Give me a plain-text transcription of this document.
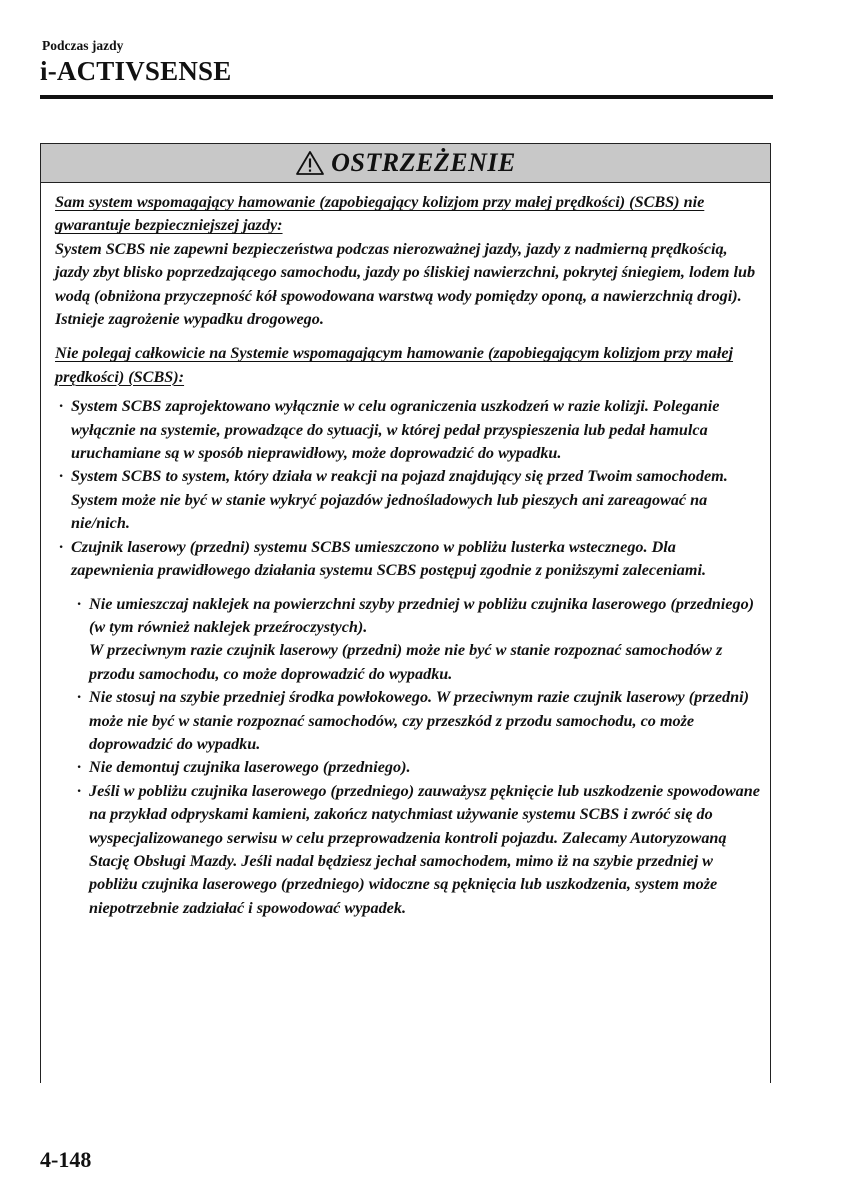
Podczas jazdy
i-ACTIVSENSE
OSTRZEŻENIE

Sam system wspomagający hamowanie (zapobiegający kolizjom przy małej prędkości) (SCBS) nie gwarantuje bezpieczniejszej jazdy:

System SCBS nie zapewni bezpieczeństwa podczas nierozważnej jazdy, jazdy z nadmierną prędkością, jazdy zbyt blisko poprzedzającego samochodu, jazdy po śliskiej nawierzchni, pokrytej śniegiem, lodem lub wodą (obniżona przyczepność kół spowodowana warstwą wody pomiędzy oponą, a nawierzchnią drogi). Istnieje zagrożenie wypadku drogowego.

Nie polegaj całkowicie na Systemie wspomagającym hamowanie (zapobiegającym kolizjom przy małej prędkości) (SCBS):

· System SCBS zaprojektowano wyłącznie w celu ograniczenia uszkodzeń w razie kolizji. Poleganie wyłącznie na systemie, prowadzące do sytuacji, w której pedał przyspieszenia lub pedał hamulca uruchamiane są w sposób nieprawidłowy, może doprowadzić do wypadku.
· System SCBS to system, który działa w reakcji na pojazd znajdujący się przed Twoim samochodem. System może nie być w stanie wykryć pojazdów jednośladowych lub pieszych ani zareagować na nie/nich.
· Czujnik laserowy (przedni) systemu SCBS umieszczono w pobliżu lusterka wstecznego. Dla zapewnienia prawidłowego działania systemu SCBS postępuj zgodnie z poniższymi zaleceniami.
· Nie umieszczaj naklejek na powierzchni szyby przedniej w pobliżu czujnika laserowego (przedniego) (w tym również naklejek przeźroczystych).
W przeciwnym razie czujnik laserowy (przedni) może nie być w stanie rozpoznać samochodów z przodu samochodu, co może doprowadzić do wypadku.
· Nie stosuj na szybie przedniej środka powłokowego. W przeciwnym razie czujnik laserowy (przedni) może nie być w stanie rozpoznać samochodów, czy przeszkód z przodu samochodu, co może doprowadzić do wypadku.
· Nie demontuj czujnika laserowego (przedniego).
· Jeśli w pobliżu czujnika laserowego (przedniego) zauważysz pęknięcie lub uszkodzenie spowodowane na przykład odpryskami kamieni, zakończ natychmiast używanie systemu SCBS i zwróć się do wyspecjalizowanego serwisu w celu przeprowadzenia kontroli pojazdu. Zalecamy Autoryzowaną Stację Obsługi Mazdy. Jeśli nadal będziesz jechał samochodem, mimo iż na szybie przedniej w pobliżu czujnika laserowego (przedniego) widoczne są pęknięcia lub uszkodzenia, system może niepotrzebnie zadziałać i spowodować wypadek.
4-148
